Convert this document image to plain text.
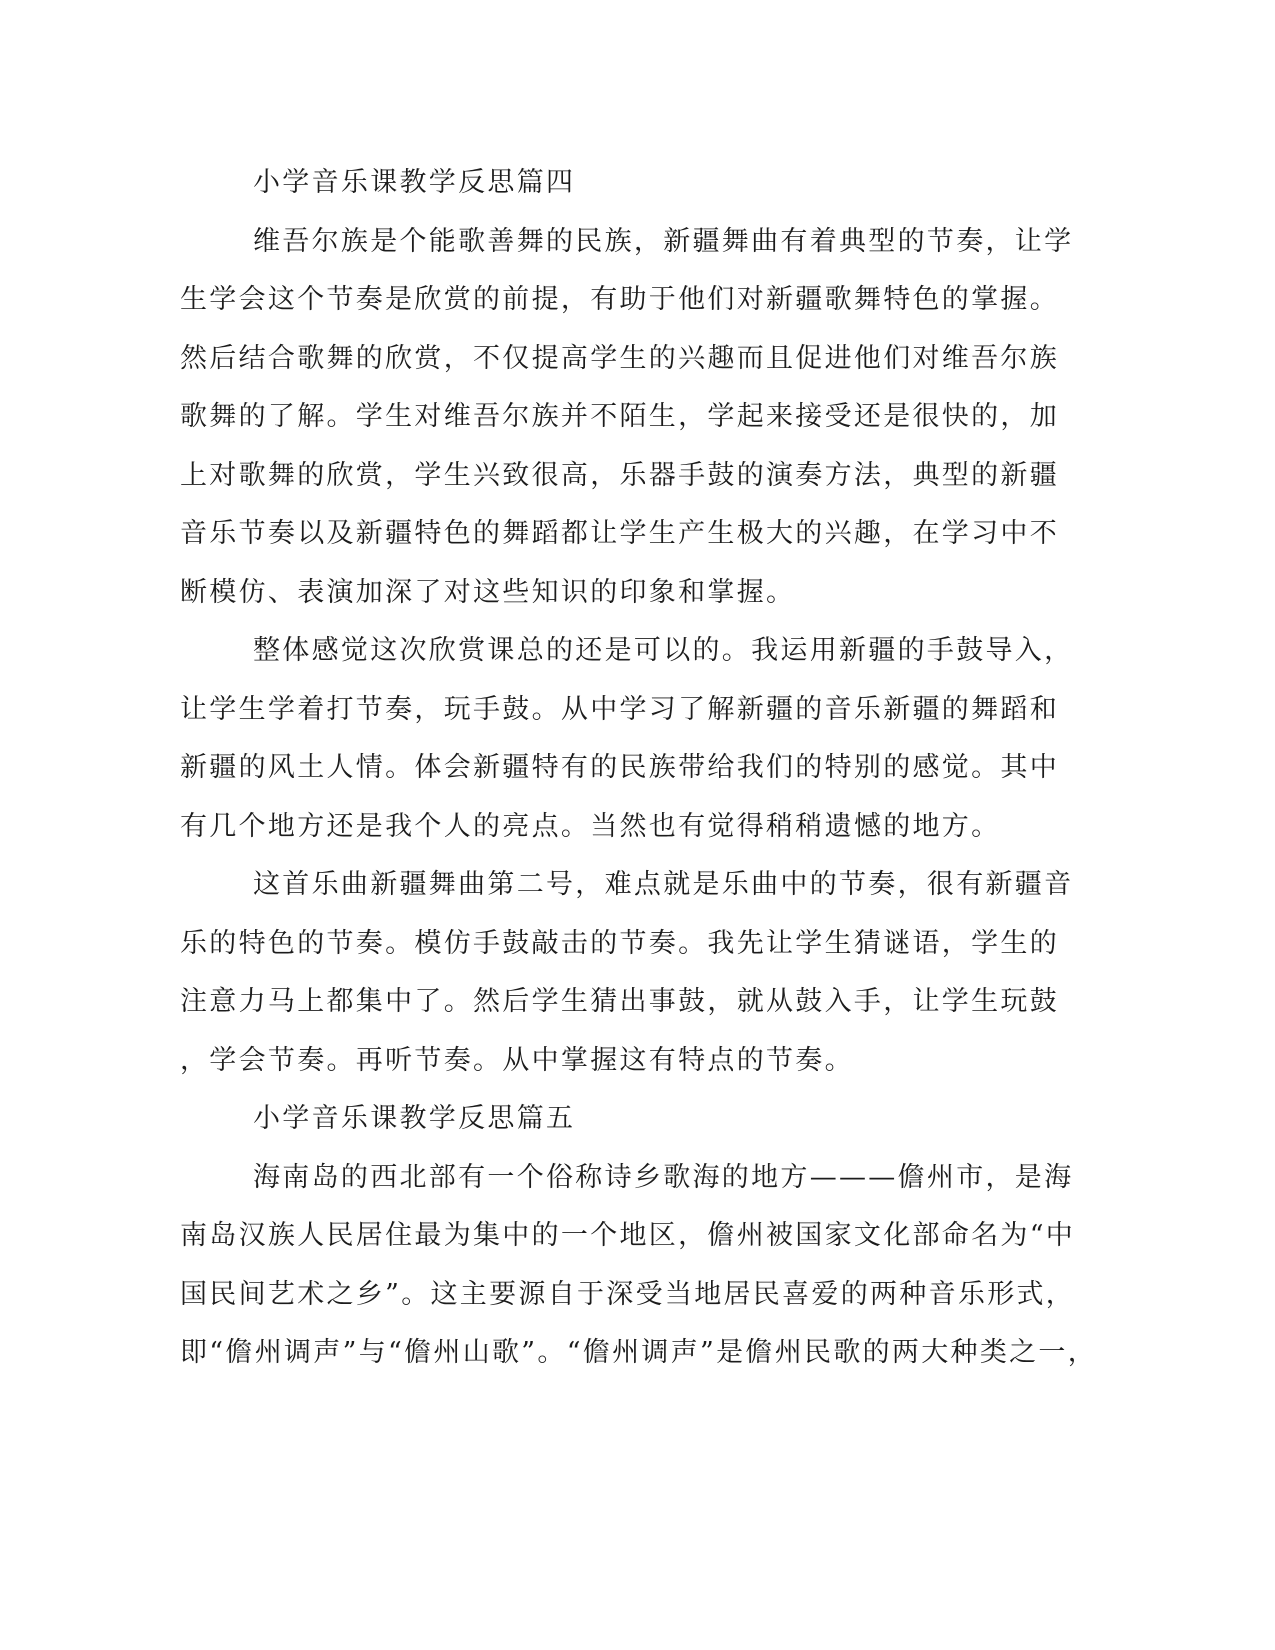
小学音乐课教学反思篇四
维吾尔族是个能歌善舞的民族，新疆舞曲有着典型的节奏，让学
生学会这个节奏是欣赏的前提，有助于他们对新疆歌舞特色的掌握。
然后结合歌舞的欣赏，不仅提高学生的兴趣而且促进他们对维吾尔族
歌舞的了解。学生对维吾尔族并不陌生，学起来接受还是很快的，加
上对歌舞的欣赏，学生兴致很高，乐器手鼓的演奏方法，典型的新疆
音乐节奏以及新疆特色的舞蹈都让学生产生极大的兴趣，在学习中不
断模仿、表演加深了对这些知识的印象和掌握。
整体感觉这次欣赏课总的还是可以的。我运用新疆的手鼓导入，
让学生学着打节奏，玩手鼓。从中学习了解新疆的音乐新疆的舞蹈和
新疆的风土人情。体会新疆特有的民族带给我们的特别的感觉。其中
有几个地方还是我个人的亮点。当然也有觉得稍稍遗憾的地方。
这首乐曲新疆舞曲第二号，难点就是乐曲中的节奏，很有新疆音
乐的特色的节奏。模仿手鼓敲击的节奏。我先让学生猜谜语，学生的
注意力马上都集中了。然后学生猜出事鼓，就从鼓入手，让学生玩鼓
，学会节奏。再听节奏。从中掌握这有特点的节奏。
小学音乐课教学反思篇五
海南岛的西北部有一个俗称诗乡歌海的地方———儋州市，是海
南岛汉族人民居住最为集中的一个地区，儋州被国家文化部命名为“中
国民间艺术之乡”。这主要源自于深受当地居民喜爱的两种音乐形式，
即“儋州调声”与“儋州山歌”。“儋州调声”是儋州民歌的两大种类之一，
